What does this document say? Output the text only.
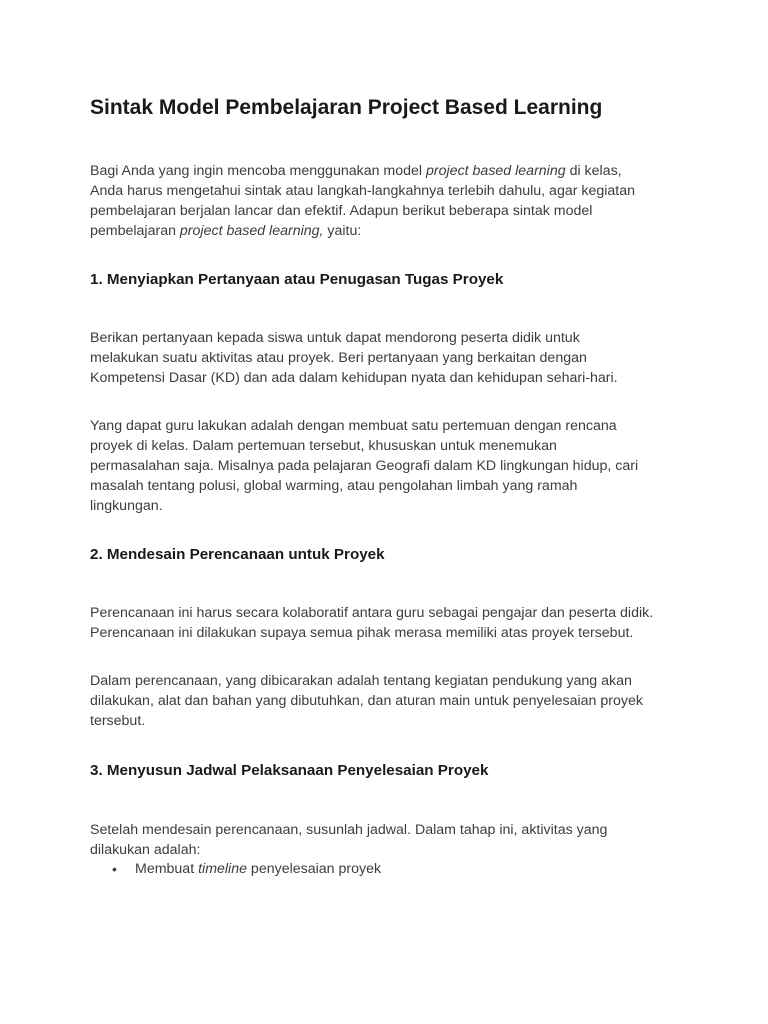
Sintak Model Pembelajaran Project Based Learning

Bagi Anda yang ingin mencoba menggunakan model project based learning di kelas,
Anda harus mengetahui sintak atau langkah-langkahnya terlebih dahulu, agar kegiatan
pembelajaran berjalan lancar dan efektif. Adapun berikut beberapa sintak model
pembelajaran project based learning, yaitu:

1. Menyiapkan Pertanyaan atau Penugasan Tugas Proyek

Berikan pertanyaan kepada siswa untuk dapat mendorong peserta didik untuk
melakukan suatu aktivitas atau proyek. Beri pertanyaan yang berkaitan dengan
Kompetensi Dasar (KD) dan ada dalam kehidupan nyata dan kehidupan sehari-hari.

Yang dapat guru lakukan adalah dengan membuat satu pertemuan dengan rencana
proyek di kelas. Dalam pertemuan tersebut, khususkan untuk menemukan
permasalahan saja. Misalnya pada pelajaran Geografi dalam KD lingkungan hidup, cari
masalah tentang polusi, global warming, atau pengolahan limbah yang ramah
lingkungan.

2. Mendesain Perencanaan untuk Proyek

Perencanaan ini harus secara kolaboratif antara guru sebagai pengajar dan peserta didik.
Perencanaan ini dilakukan supaya semua pihak merasa memiliki atas proyek tersebut.

Dalam perencanaan, yang dibicarakan adalah tentang kegiatan pendukung yang akan
dilakukan, alat dan bahan yang dibutuhkan, dan aturan main untuk penyelesaian proyek
tersebut.

3. Menyusun Jadwal Pelaksanaan Penyelesaian Proyek

Setelah mendesain perencanaan, susunlah jadwal. Dalam tahap ini, aktivitas yang
dilakukan adalah:

• Membuat timeline penyelesaian proyek
